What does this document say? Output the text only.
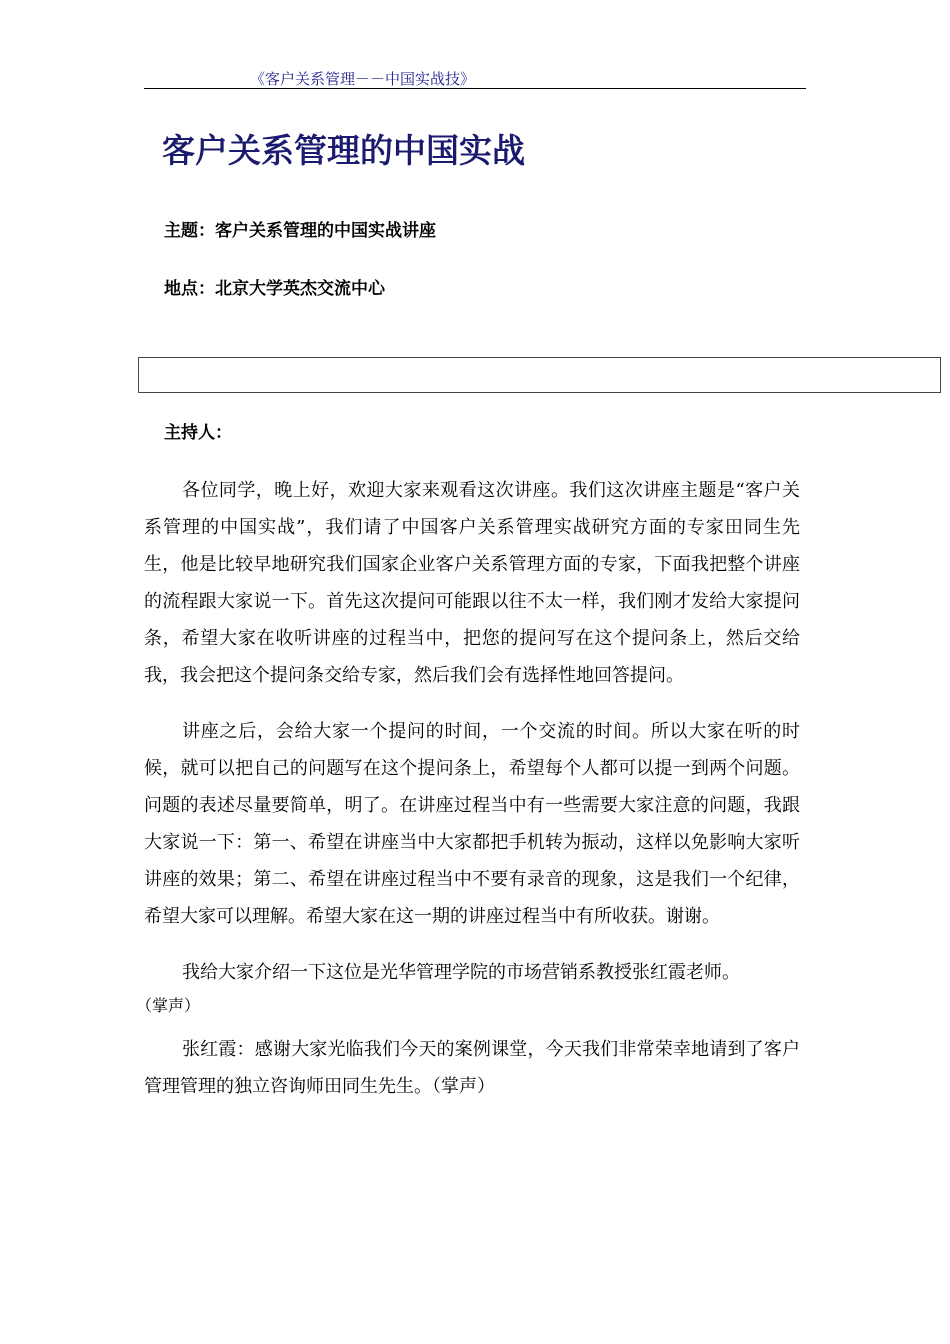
《客户关系管理－－中国实战技》
客户关系管理的中国实战
主题：客户关系管理的中国实战讲座
地点：北京大学英杰交流中心
主持人：

各位同学，晚上好，欢迎大家来观看这次讲座。我们这次讲座主题是“客户关系管理的中国实战”，我们请了中国客户关系管理实战研究方面的专家田同生先生，他是比较早地研究我们国家企业客户关系管理方面的专家，下面我把整个讲座的流程跟大家说一下。首先这次提问可能跟以往不太一样，我们刚才发给大家提问条，希望大家在收听讲座的过程当中，把您的提问写在这个提问条上，然后交给我，我会把这个提问条交给专家，然后我们会有选择性地回答提问。

讲座之后，会给大家一个提问的时间，一个交流的时间。所以大家在听的时候，就可以把自己的问题写在这个提问条上，希望每个人都可以提一到两个问题。问题的表述尽量要简单，明了。在讲座过程当中有一些需要大家注意的问题，我跟大家说一下：第一、希望在讲座当中大家都把手机转为振动，这样以免影响大家听讲座的效果；第二、希望在讲座过程当中不要有录音的现象，这是我们一个纪律，希望大家可以理解。希望大家在这一期的讲座过程当中有所收获。谢谢。

我给大家介绍一下这位是光华管理学院的市场营销系教授张红霞老师。
（掌声）

张红霞：感谢大家光临我们今天的案例课堂，今天我们非常荣幸地请到了客户管理管理的独立咨询师田同生先生。（掌声）
